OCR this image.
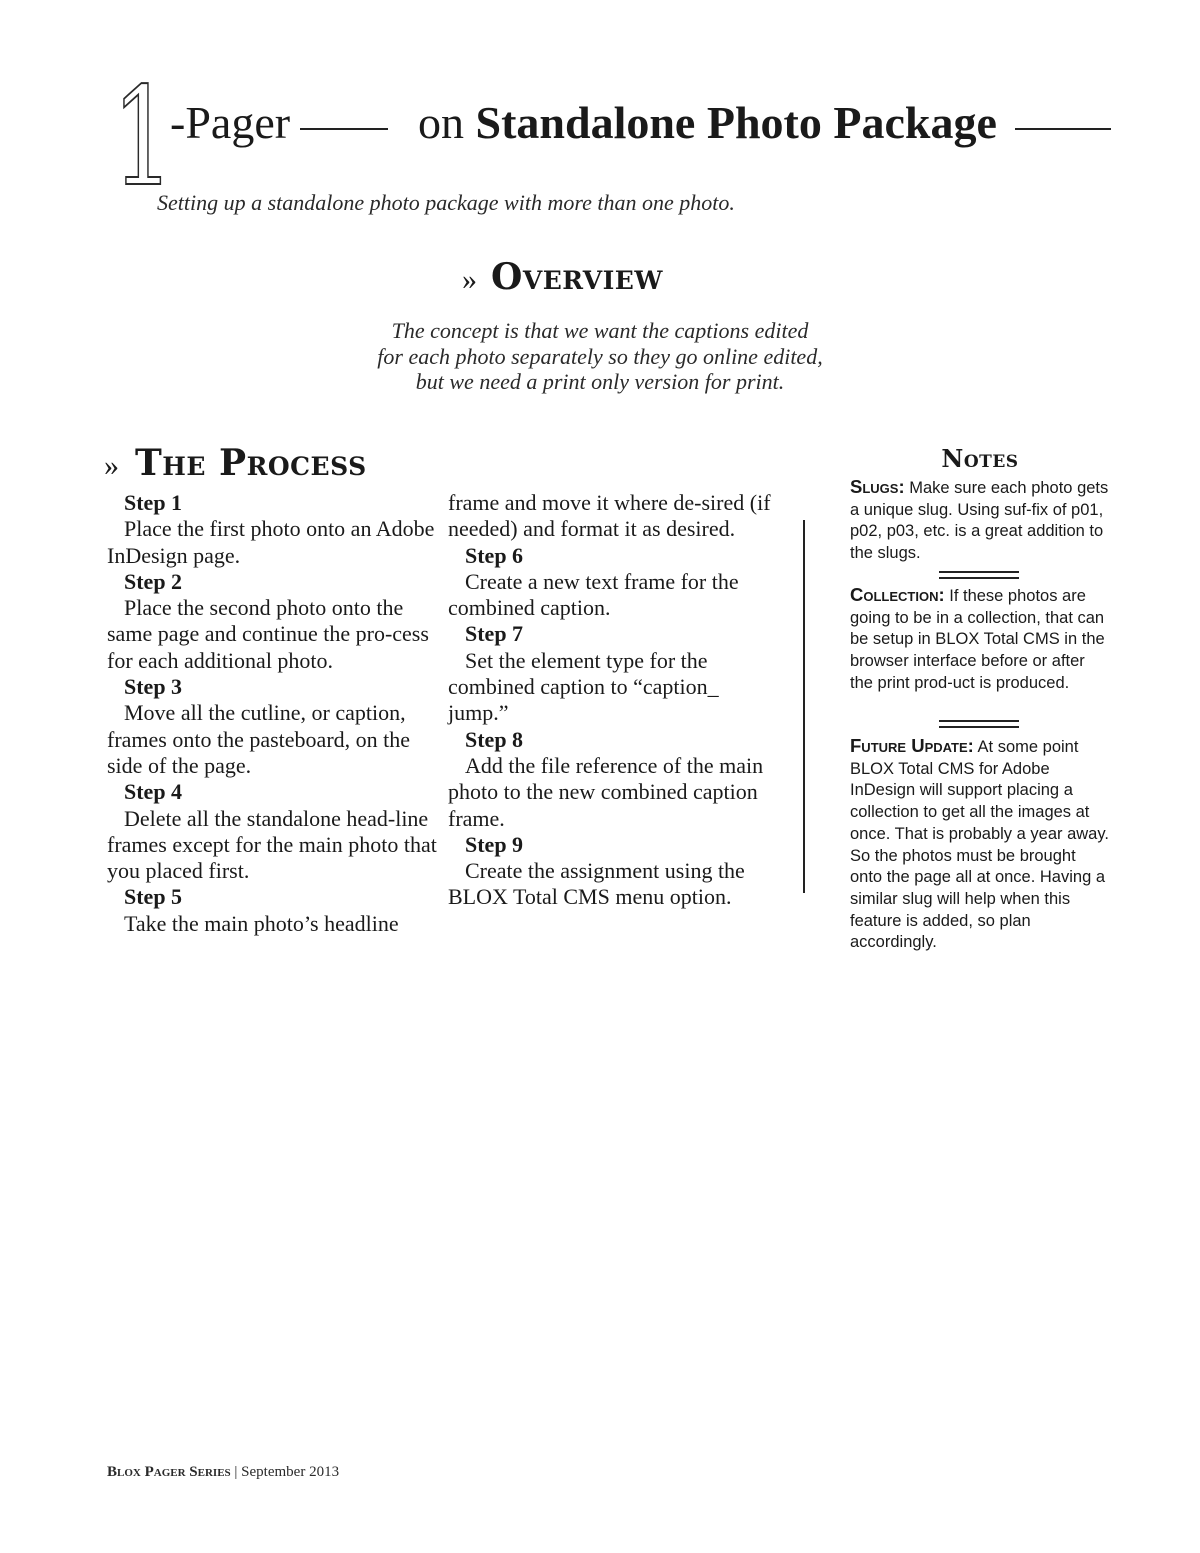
1
-Pager	on Standalone Photo Package
Setting up a standalone photo package with more than one photo.
» Overview
The concept is that we want the captions edited
for each photo separately so they go online edited,
but we need a print only version for print.
» The Process
Step 1
Place the first photo onto an Adobe InDesign page.
Step 2
Place the second photo onto the same page and continue the pro-cess for each additional photo.
Step 3
Move all the cutline, or caption, frames onto the pasteboard, on the side of the page.
Step 4
Delete all the standalone head-line frames except for the main photo that you placed first.
Step 5
Take the main photo’s headline
frame and move it where de-sired (if needed) and format it as desired.
Step 6
Create a new text frame for the combined caption.
Step 7
Set the element type for the combined caption to “caption_ jump.”
Step 8
Add the file reference of the main photo to the new combined caption frame.
Step 9
Create the assignment using the BLOX Total CMS menu option.
Notes
Slugs: Make sure each photo gets a unique slug. Using suf-fix of p01, p02, p03, etc. is a great addition to the slugs.
Collection: If these photos are going to be in a collection, that can be setup in BLOX Total CMS in the browser interface before or after the print prod-uct is produced.
Future Update: At some point BLOX Total CMS for Adobe InDesign will support placing a collection to get all the images at once. That is probably a year away. So the photos must be brought onto the page all at once. Having a similar slug will help when this feature is added, so plan accordingly.
Blox Pager Series | September 2013
